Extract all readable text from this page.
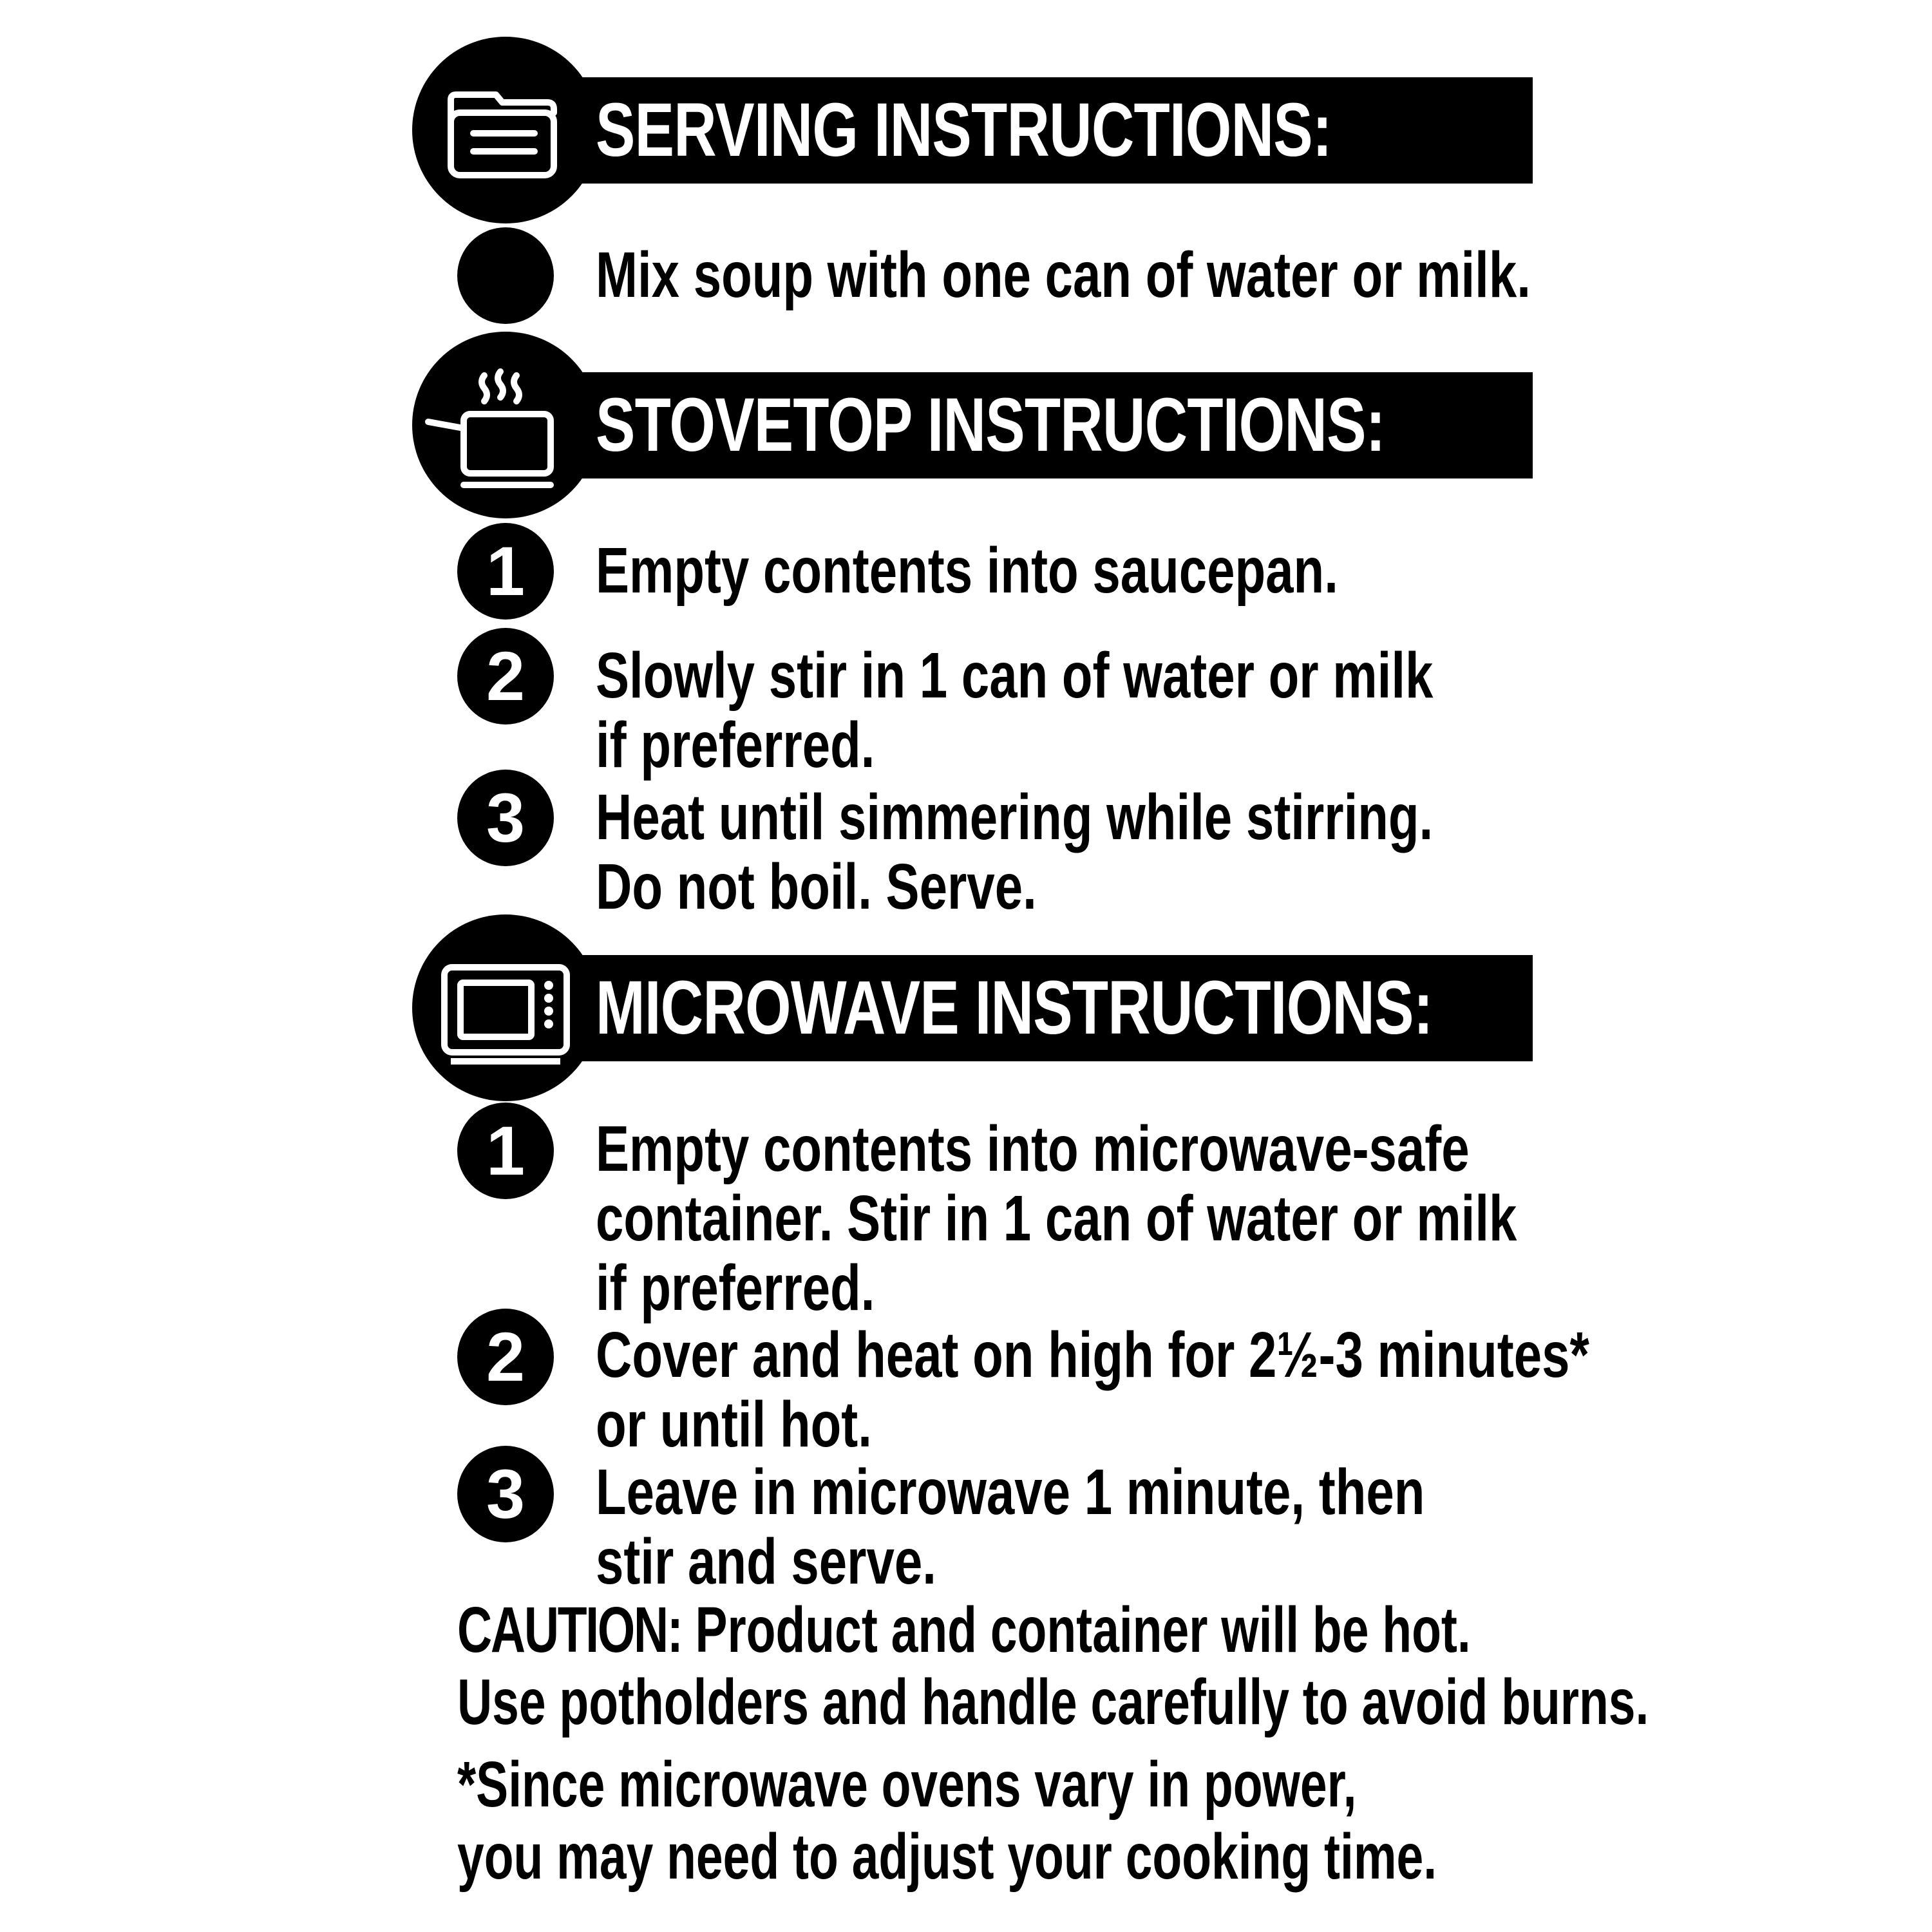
SERVING INSTRUCTIONS:
Mix soup with one can of water or milk.
STOVETOP INSTRUCTIONS:
1	Empty contents into saucepan.
2	Slowly stir in 1 can of water or milk
if preferred.
3	Heat until simmering while stirring.
Do not boil. Serve.
MICROWAVE INSTRUCTIONS:
1	Empty contents into microwave-safe
container. Stir in 1 can of water or milk
if preferred.
2	Cover and heat on high for 2½-3 minutes*
or until hot.
3	Leave in microwave 1 minute, then
stir and serve.
CAUTION: Product and container will be hot.
Use potholders and handle carefully to avoid burns.
*Since microwave ovens vary in power,
you may need to adjust your cooking time.
